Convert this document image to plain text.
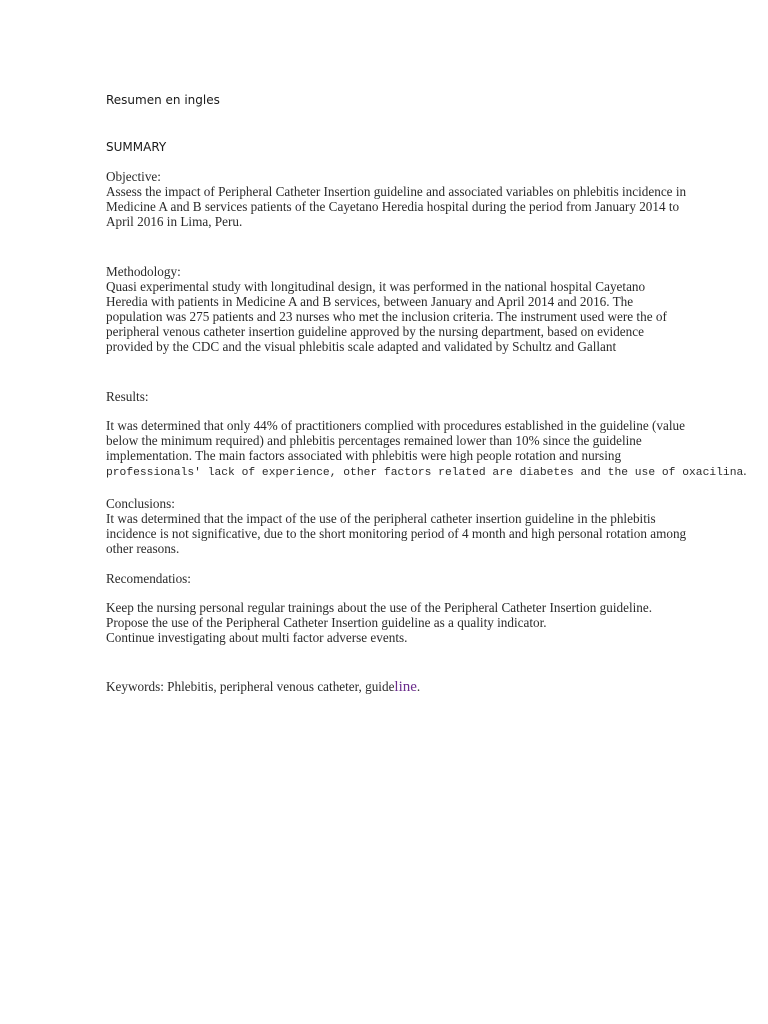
Resumen en ingles
SUMMARY
Objective:
Assess the impact of Peripheral Catheter Insertion guideline and associated variables on phlebitis incidence in
Medicine A and B services patients of the Cayetano Heredia hospital during the period from January 2014 to
April 2016 in Lima, Peru.
Methodology:
Quasi experimental study with longitudinal design, it was performed in the national hospital Cayetano
Heredia with patients in Medicine A and B services, between January and April 2014 and 2016. The
population was 275 patients and 23 nurses who met the inclusion criteria. The instrument used were the of
peripheral venous catheter insertion guideline approved by the nursing department, based on evidence
provided by the CDC and the visual phlebitis scale adapted and validated by Schultz and Gallant
Results:
It was determined that only 44% of practitioners complied with procedures established in the guideline (value
below the minimum required) and phlebitis percentages remained lower than 10% since the guideline
implementation. The main factors associated with phlebitis were high people rotation and nursing
professionals' lack of experience, other factors related are diabetes and the use of oxacilina.
Conclusions:
It was determined that the impact of the use of the peripheral catheter insertion guideline in the phlebitis
incidence is not significative, due to the short monitoring period of 4 month and high personal rotation among
other reasons.
Recomendatios:
Keep the nursing personal regular trainings about the use of the Peripheral Catheter Insertion guideline.
Propose the use of the Peripheral Catheter Insertion guideline as a quality indicator.
Continue investigating about multi factor adverse events.
Keywords: Phlebitis, peripheral venous catheter, guideline.
